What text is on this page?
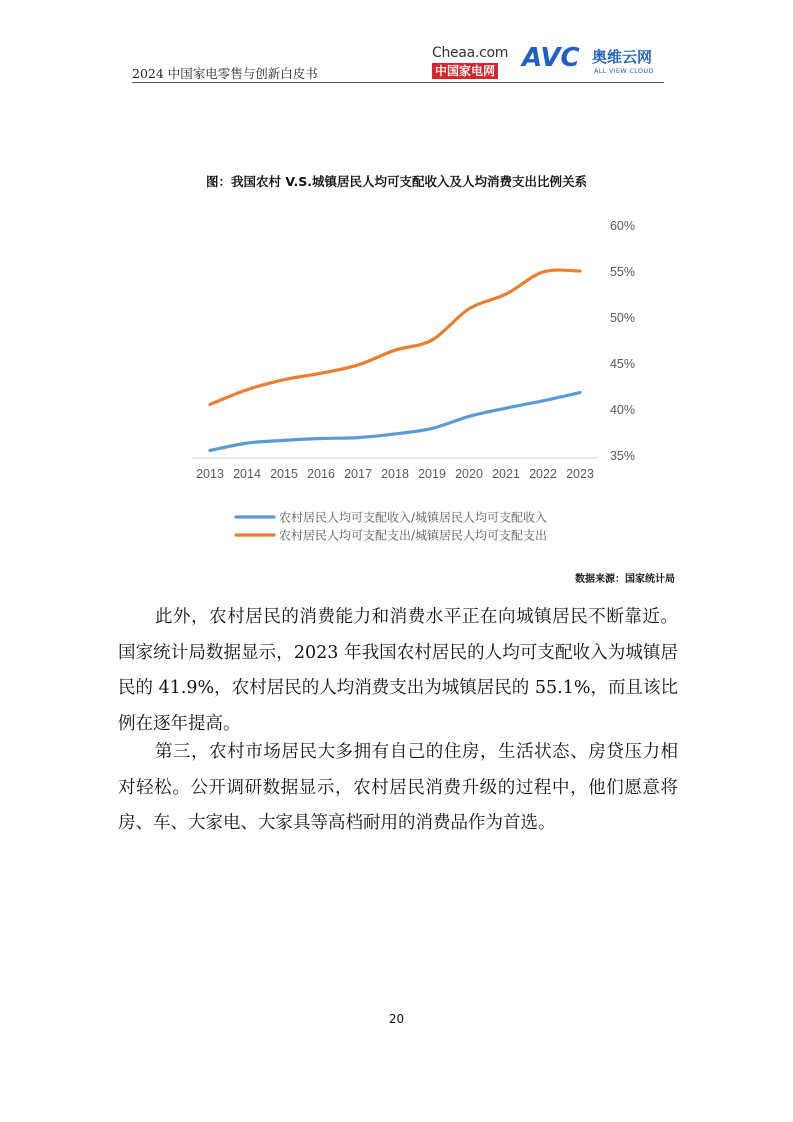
2024 中国家电零售与创新白皮书
Cheaa.com
中国家电网	AVC 奥维云网
ALL VIEW CLOUD
图：我国农村 V.S.城镇居民人均可支配收入及人均消费支出比例关系
35%
40%
45%
50%
55%
60%
2013 2014 2015 2016 2017 2018 2019 2020 2021 2022 2023
农村居民人均可支配收入/城镇居民人均可支配收入
农村居民人均可支配支出/城镇居民人均可支配支出
数据来源：国家统计局

此外，农村居民的消费能力和消费水平正在向城镇居民不断靠近。国家统计局数据显示，2023 年我国农村居民的人均可支配收入为城镇居民的 41.9%，农村居民的人均消费支出为城镇居民的 55.1%，而且该比例在逐年提高。

第三，农村市场居民大多拥有自己的住房，生活状态、房贷压力相对轻松。公开调研数据显示，农村居民消费升级的过程中，他们愿意将房、车、大家电、大家具等高档耐用的消费品作为首选。

20
